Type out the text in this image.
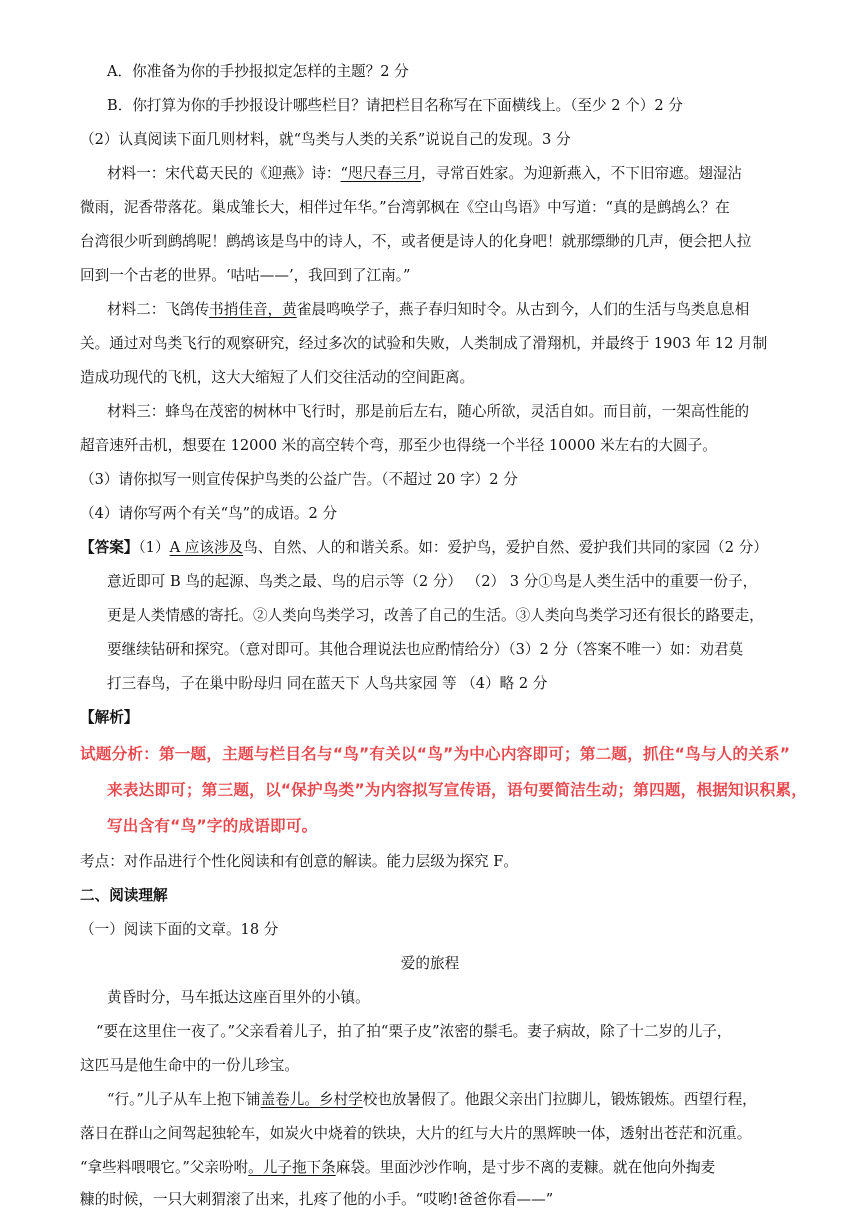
A．你准备为你的手抄报拟定怎样的主题？2 分
B．你打算为你的手抄报设计哪些栏目？请把栏目名称写在下面横线上。（至少 2 个）2 分
（2）认真阅读下面几则材料，就“鸟类与人类的关系”说说自己的发现。3 分
材料一：宋代葛天民的《迎燕》诗：“咫尺春三月，寻常百姓家。为迎新燕入，不下旧帘遮。翅湿沾
微雨，泥香带落花。巢成雏长大，相伴过年华。”台湾郭枫在《空山鸟语》中写道：“真的是鹧鸪么？在
台湾很少听到鹧鸪呢！鹧鸪该是鸟中的诗人，不，或者便是诗人的化身吧！就那缥缈的几声，便会把人拉
回到一个古老的世界。‘咕咕——’，我回到了江南。”
材料二：飞鸽传书捎佳音，黄雀晨鸣唤学子，燕子春归知时令。从古到今，人们的生活与鸟类息息相
关。通过对鸟类飞行的观察研究，经过多次的试验和失败，人类制成了滑翔机，并最终于 1903 年 12 月制
造成功现代的飞机，这大大缩短了人们交往活动的空间距离。
材料三：蜂鸟在茂密的树林中飞行时，那是前后左右，随心所欲，灵活自如。而目前，一架高性能的
超音速歼击机，想要在 12000 米的高空转个弯，那至少也得绕一个半径 10000 米左右的大圆子。
（3）请你拟写一则宣传保护鸟类的公益广告。（不超过 20 字）2 分
（4）请你写两个有关“鸟”的成语。2 分
【答案】（1）A 应该涉及鸟、自然、人的和谐关系。如：爱护鸟，爱护自然、爱护我们共同的家园（2 分）
意近即可 B 鸟的起源、鸟类之最、鸟的启示等（2 分） （2） 3 分①鸟是人类生活中的重要一份子，
更是人类情感的寄托。②人类向鸟类学习，改善了自己的生活。③人类向鸟类学习还有很长的路要走，
要继续钻研和探究。（意对即可。其他合理说法也应酌情给分）（3）2 分（答案不唯一）如：劝君莫
打三春鸟，子在巢中盼母归 同在蓝天下 人鸟共家园 等 （4）略 2 分
【解析】
试题分析：第一题，主题与栏目名与“鸟”有关以“鸟”为中心内容即可；第二题，抓住“鸟与人的关系”
来表达即可；第三题，以“保护鸟类”为内容拟写宣传语，语句要简洁生动；第四题，根据知识积累，
写出含有“鸟”字的成语即可。
考点：对作品进行个性化阅读和有创意的解读。能力层级为探究 F。
二、阅读理解
（一）阅读下面的文章。18 分
爱的旅程
黄昏时分，马车抵达这座百里外的小镇。
“要在这里住一夜了。”父亲看着儿子，拍了拍“栗子皮”浓密的鬃毛。妻子病故，除了十二岁的儿子，
这匹马是他生命中的一份儿珍宝。
“行。”儿子从车上抱下铺盖卷儿。乡村学校也放暑假了。他跟父亲出门拉脚儿，锻炼锻炼。西望行程，
落日在群山之间驾起独轮车，如炭火中烧着的铁块，大片的红与大片的黑辉映一体，透射出苍茫和沉重。
“拿些料喂喂它。”父亲吩咐。儿子拖下条麻袋。里面沙沙作响，是寸步不离的麦糠。就在他向外掏麦
糠的时候，一只大刺猬滚了出来，扎疼了他的小手。“哎哟!爸爸你看——”
